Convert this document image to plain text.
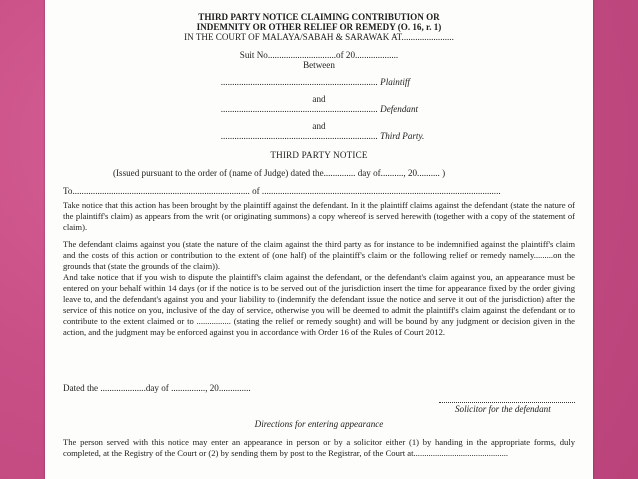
THIRD PARTY NOTICE CLAIMING CONTRIBUTION OR
INDEMNITY OR OTHER RELIEF OR REMEDY (O. 16, r. 1)
IN THE COURT OF MALAYA/SABAH & SARAWAK AT.......................
Suit No..............................of 20...................
Between
..................................................................... Plaintiff
and
..................................................................... Defendant
and
..................................................................... Third Party.
THIRD PARTY NOTICE
(Issued pursuant to the order of (name of Judge) dated the.............. day of.........., 20.......... )
To.............................................................................. of .........................................................................................................
Take notice that this action has been brought by the plaintiff against the defendant. In it the plaintiff claims against the defendant (state the nature of the plaintiff's claim) as appears from the writ (or originating summons) a copy whereof is served herewith (together with a copy of the statement of claim).
The defendant claims against you (state the nature of the claim against the third party as for instance to be indemnified against the plaintiff's claim and the costs of this action or contribution to the extent of (one half) of the plaintiff's claim or the following relief or remedy namely.........on the grounds that (state the grounds of the claim)).
And take notice that if you wish to dispute the plaintiff's claim against the defendant, or the defendant's claim against you, an appearance must be entered on your behalf within 14 days (or if the notice is to be served out of the jurisdiction insert the time for appearance fixed by the order giving leave to, and the defendant's against you and your liability to (indemnify the defendant issue the notice and serve it out of the jurisdiction) after the service of this notice on you, inclusive of the day of service, otherwise you will be deemed to admit the plaintiff's claim against the defendant or to contribute to the extent claimed or to ................ (stating the relief or remedy sought) and will be bound by any judgment or decision given in the action, and the judgment may be enforced against you in accordance with Order 16 of the Rules of Court 2012.
Dated the ....................day of ..............., 20..............
Solicitor for the defendant
Directions for entering appearance
The person served with this notice may enter an appearance in person or by a solicitor either (1) by handing in the appropriate forms, duly completed, at the Registry of the Court or (2) by sending them by post to the Registrar, of the Court at............................................
